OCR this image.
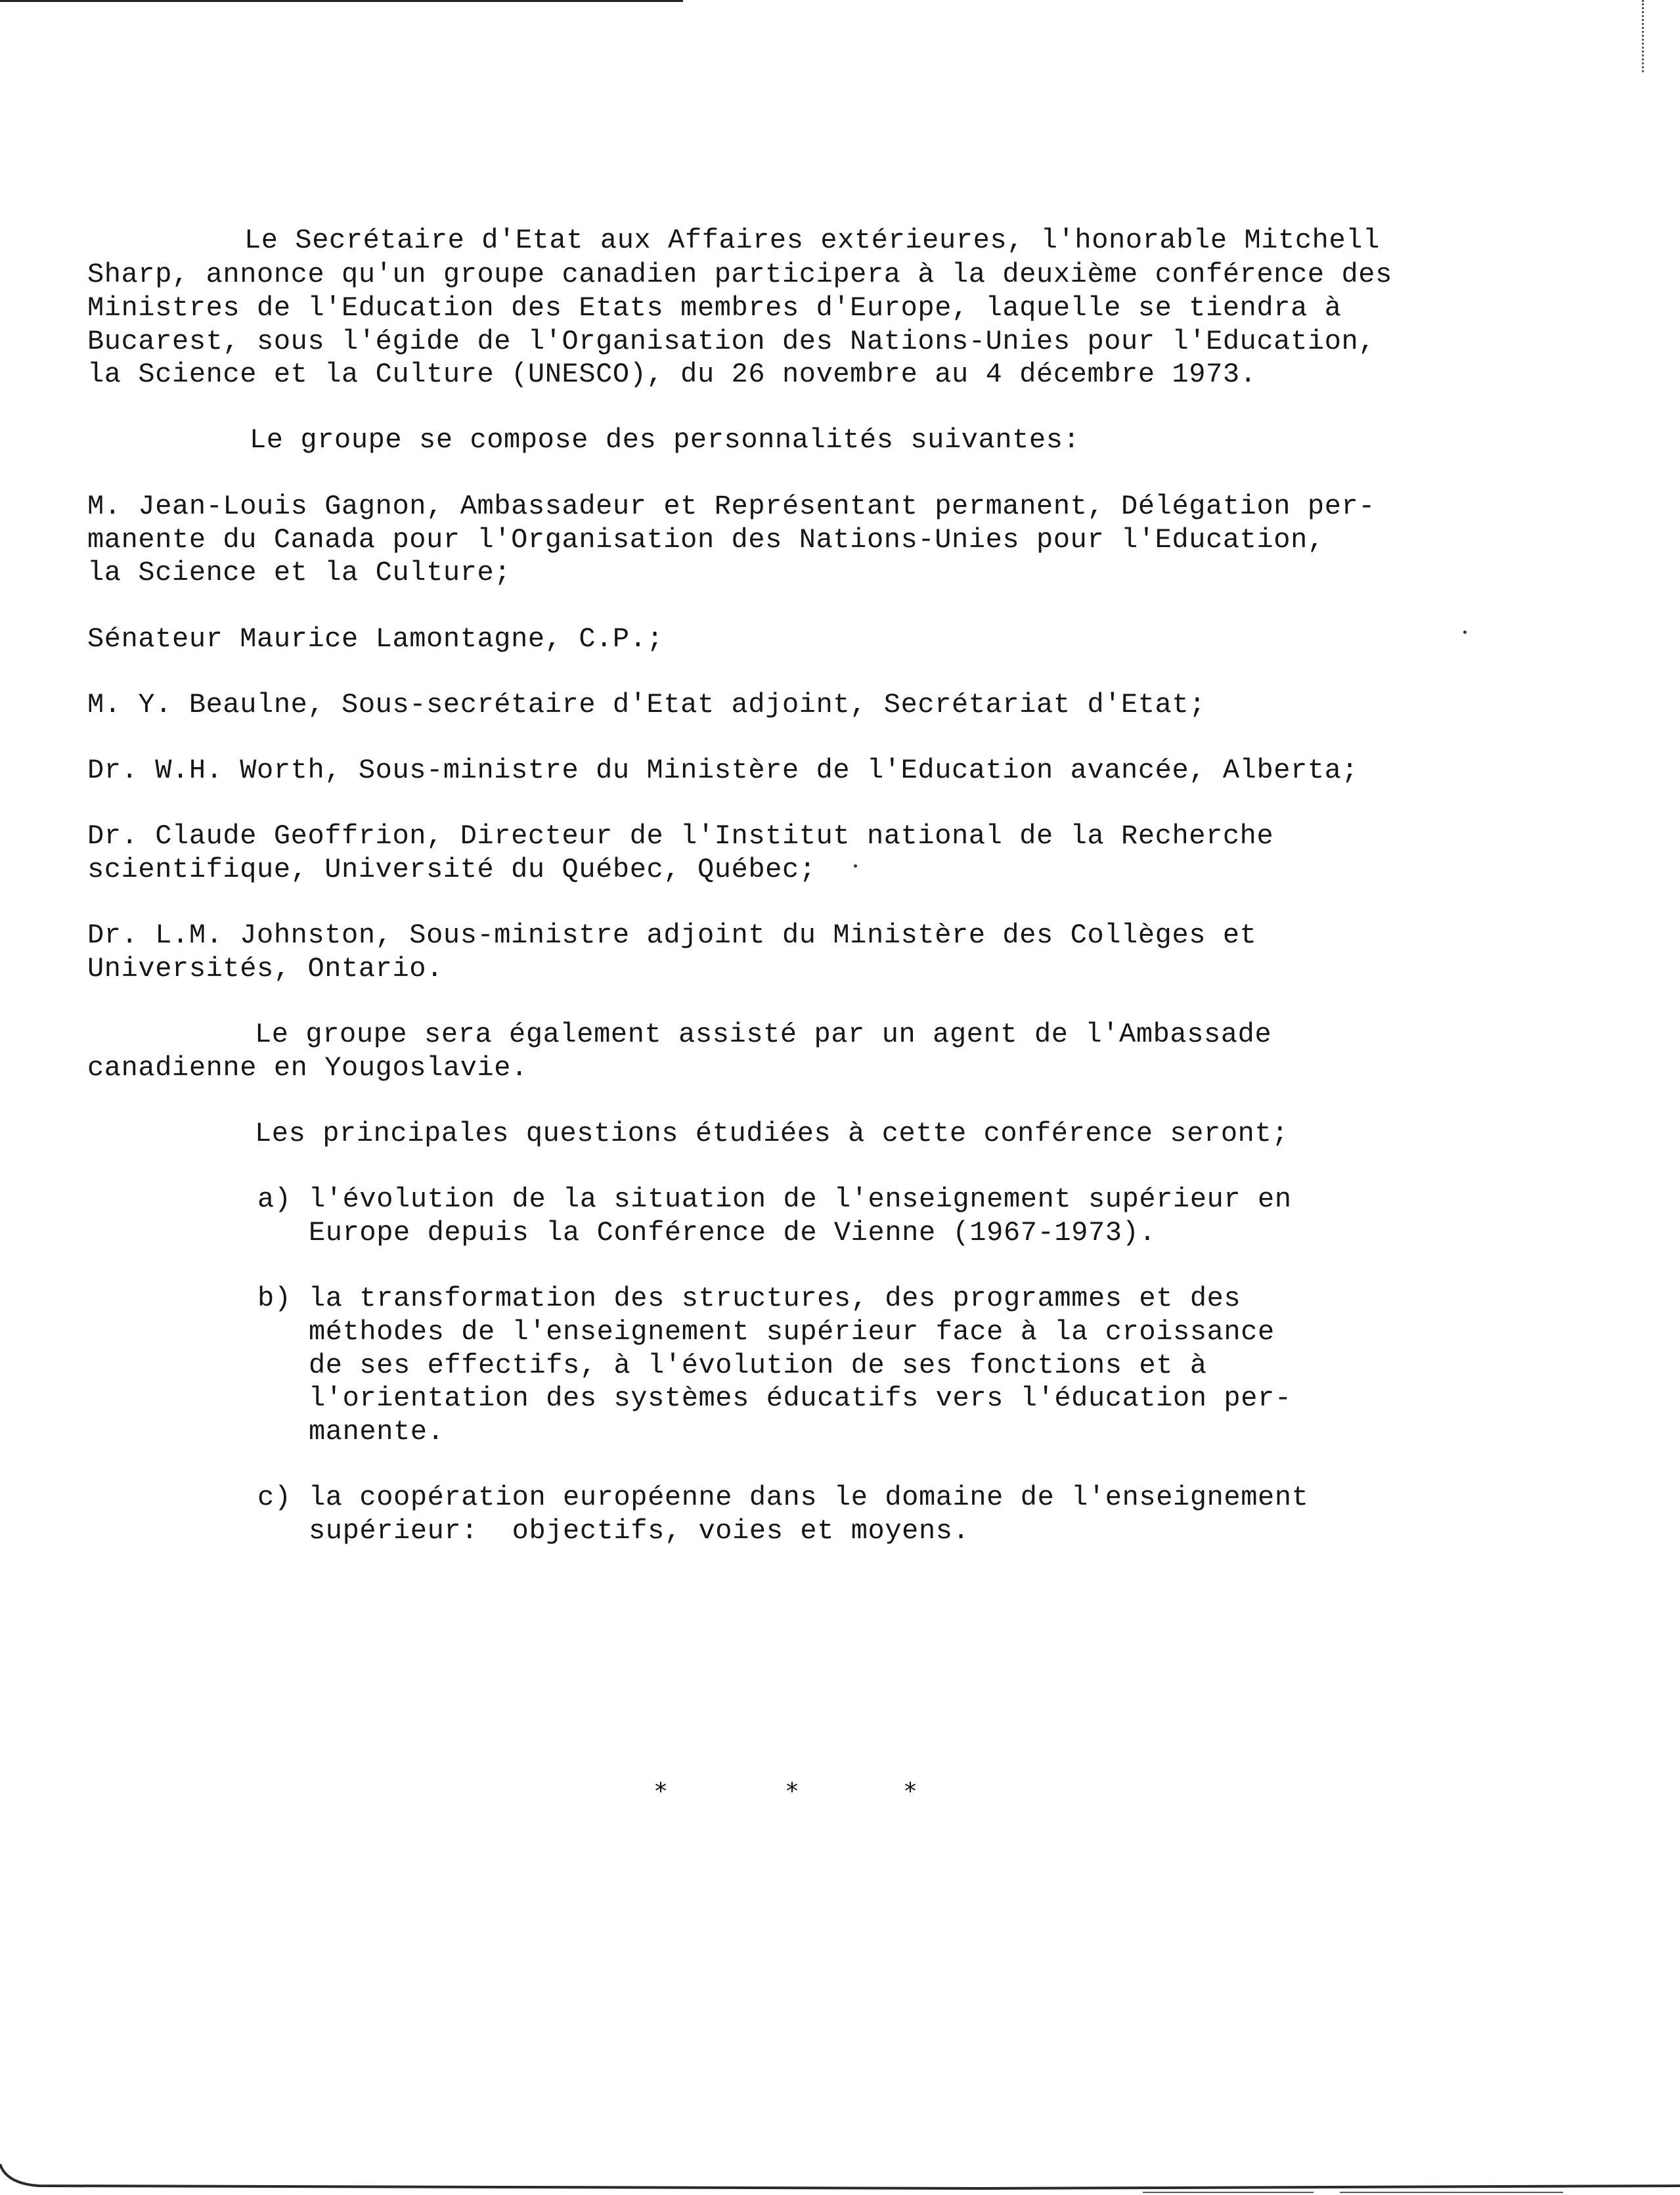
Le Secrétaire d'Etat aux Affaires extérieures, l'honorable Mitchell
Sharp, annonce qu'un groupe canadien participera à la deuxième conférence des
Ministres de l'Education des Etats membres d'Europe, laquelle se tiendra à
Bucarest, sous l'égide de l'Organisation des Nations-Unies pour l'Education,
la Science et la Culture (UNESCO), du 26 novembre au 4 décembre 1973.
Le groupe se compose des personnalités suivantes:
M. Jean-Louis Gagnon, Ambassadeur et Représentant permanent, Délégation per-
manente du Canada pour l'Organisation des Nations-Unies pour l'Education,
la Science et la Culture;
Sénateur Maurice Lamontagne, C.P.;
M. Y. Beaulne, Sous-secrétaire d'Etat adjoint, Secrétariat d'Etat;
Dr. W.H. Worth, Sous-ministre du Ministère de l'Education avancée, Alberta;
Dr. Claude Geoffrion, Directeur de l'Institut national de la Recherche
scientifique, Université du Québec, Québec;
Dr. L.M. Johnston, Sous-ministre adjoint du Ministère des Collèges et
Universités, Ontario.
Le groupe sera également assisté par un agent de l'Ambassade
canadienne en Yougoslavie.
Les principales questions étudiées à cette conférence seront;
a) l'évolution de la situation de l'enseignement supérieur en
Europe depuis la Conférence de Vienne (1967-1973).
b) la transformation des structures, des programmes et des
méthodes de l'enseignement supérieur face à la croissance
de ses effectifs, à l'évolution de ses fonctions et à
l'orientation des systèmes éducatifs vers l'éducation per-
manente.
c) la coopération européenne dans le domaine de l'enseignement
supérieur:  objectifs, voies et moyens.
*	*	*
